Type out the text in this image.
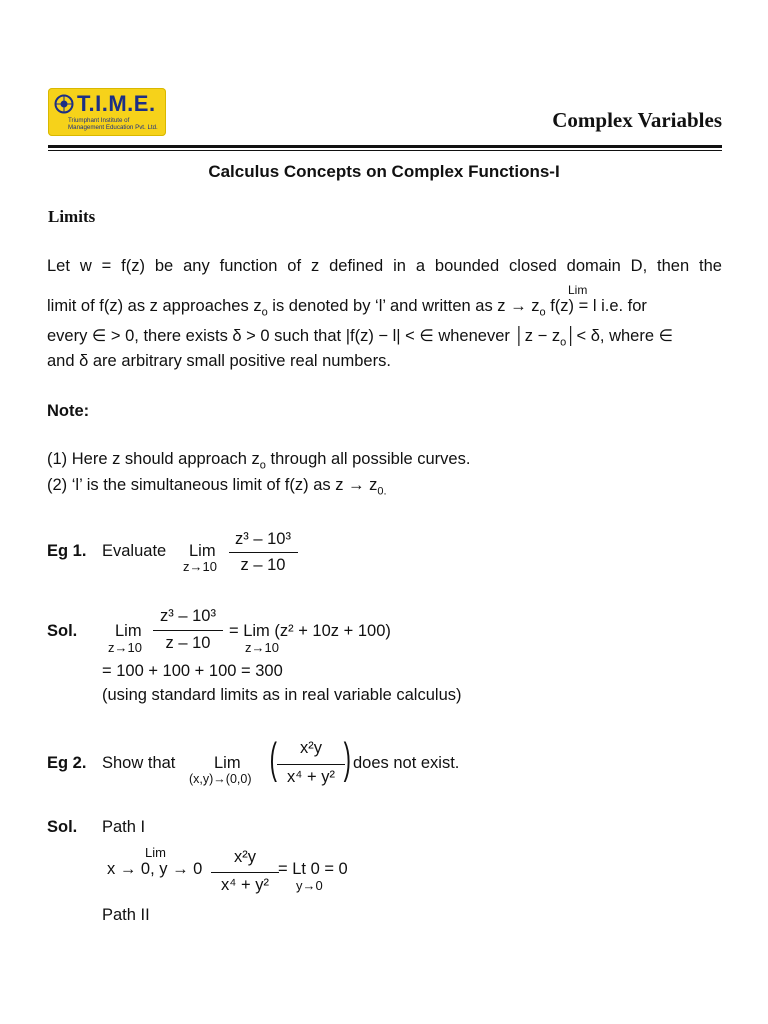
T.I.M.E.
Triumphant Institute of Management Education Pvt. Ltd.	Complex Variables
Calculus Concepts on Complex Functions-I
Limits
Let w = f(z) be any function of z defined in a bounded closed domain D, then the
Lim
limit of f(z) as z approaches $z_o$ is denoted by ‘l’ and written as $z \to z_o$ f(z) = l i.e. for
every ∈ > 0, there exists δ > 0 such that |f(z) − l| < ∈ whenever │z − $z_o│< \delta$, where ∈
and δ are arbitrary small positive real numbers.
Note:
(1) Here z should approach $z_o$ through all possible curves.
(2) ‘l’ is the simultaneous limit of f(z) as $z \to z_{0.}$
Eg 1. Evaluate Lim
z→10
z³ – 10³
z – 10
Sol. Lim
z→10
z³ – 10³
z – 10
= Lim (z² + 10z + 100)
z→10
= 100 + 100 + 100 = 300
(using standard limits as in real variable calculus)
Eg 2. Show that Lim
(x,y)→(0,0) (	x²y
x⁴ + y² ) does not exist.
Sol. Path I
Lim
x → 0, y → 0
x²y
x⁴ + y²
= Lt 0 = 0
y→0
Path II
